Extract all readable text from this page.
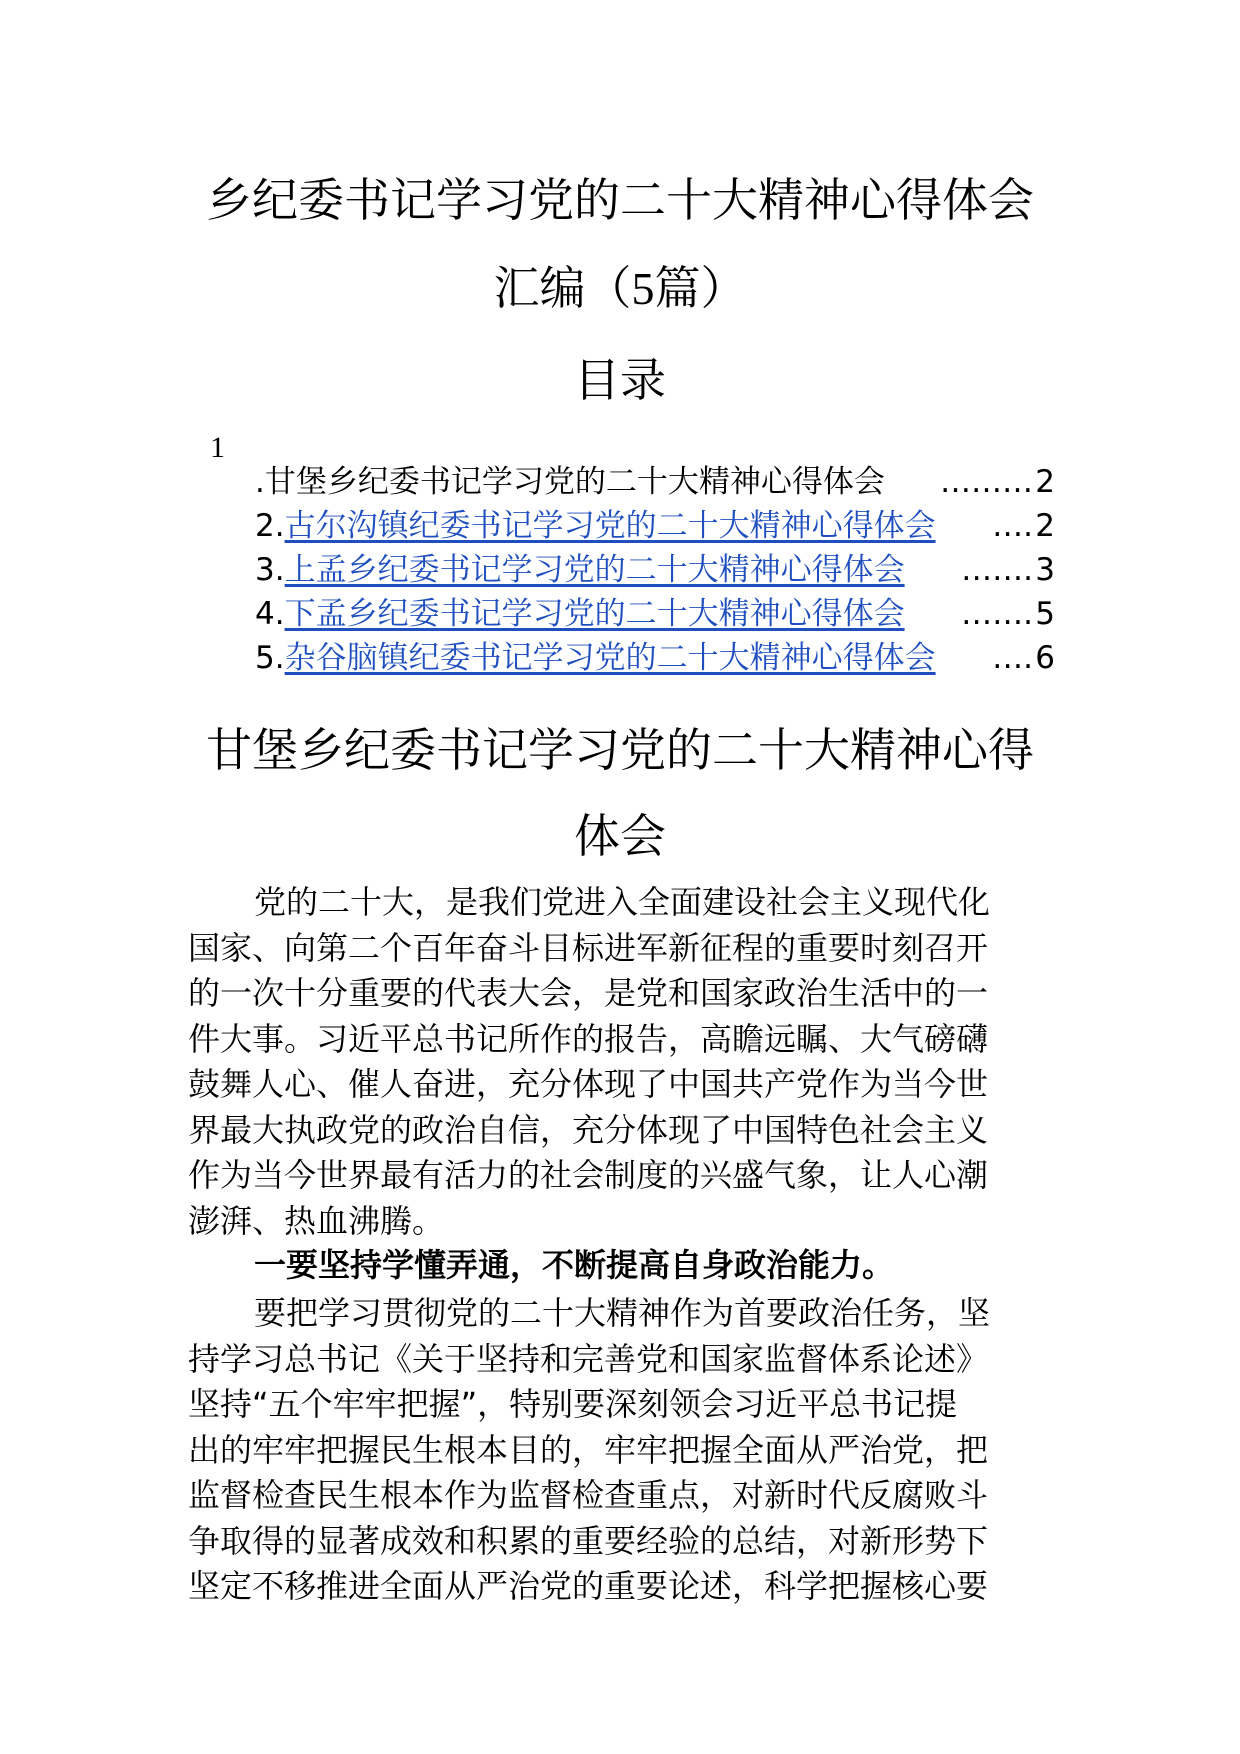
乡纪委书记学习党的二十大精神心得体会
汇编（5篇）
目录
1
.甘堡乡纪委书记学习党的二十大精神心得体会 ……… 2
2.古尔沟镇纪委书记学习党的二十大精神心得体会 …. 2
3.上孟乡纪委书记学习党的二十大精神心得体会 ……. 3
4.下孟乡纪委书记学习党的二十大精神心得体会 ……. 5
5.杂谷脑镇纪委书记学习党的二十大精神心得体会 …. 6
甘堡乡纪委书记学习党的二十大精神心得
体会
党的二十大，是我们党进入全面建设社会主义现代化
国家、向第二个百年奋斗目标进军新征程的重要时刻召开
的一次十分重要的代表大会，是党和国家政治生活中的一
件大事。习近平总书记所作的报告，高瞻远瞩、大气磅礴
鼓舞人心、催人奋进，充分体现了中国共产党作为当今世
界最大执政党的政治自信，充分体现了中国特色社会主义
作为当今世界最有活力的社会制度的兴盛气象，让人心潮
澎湃、热血沸腾。
一要坚持学懂弄通，不断提高自身政治能力。
要把学习贯彻党的二十大精神作为首要政治任务，坚
持学习总书记《关于坚持和完善党和国家监督体系论述》
坚持“五个牢牢把握”，特别要深刻领会习近平总书记提
出的牢牢把握民生根本目的，牢牢把握全面从严治党，把
监督检查民生根本作为监督检查重点，对新时代反腐败斗
争取得的显著成效和积累的重要经验的总结，对新形势下
坚定不移推进全面从严治党的重要论述，科学把握核心要
